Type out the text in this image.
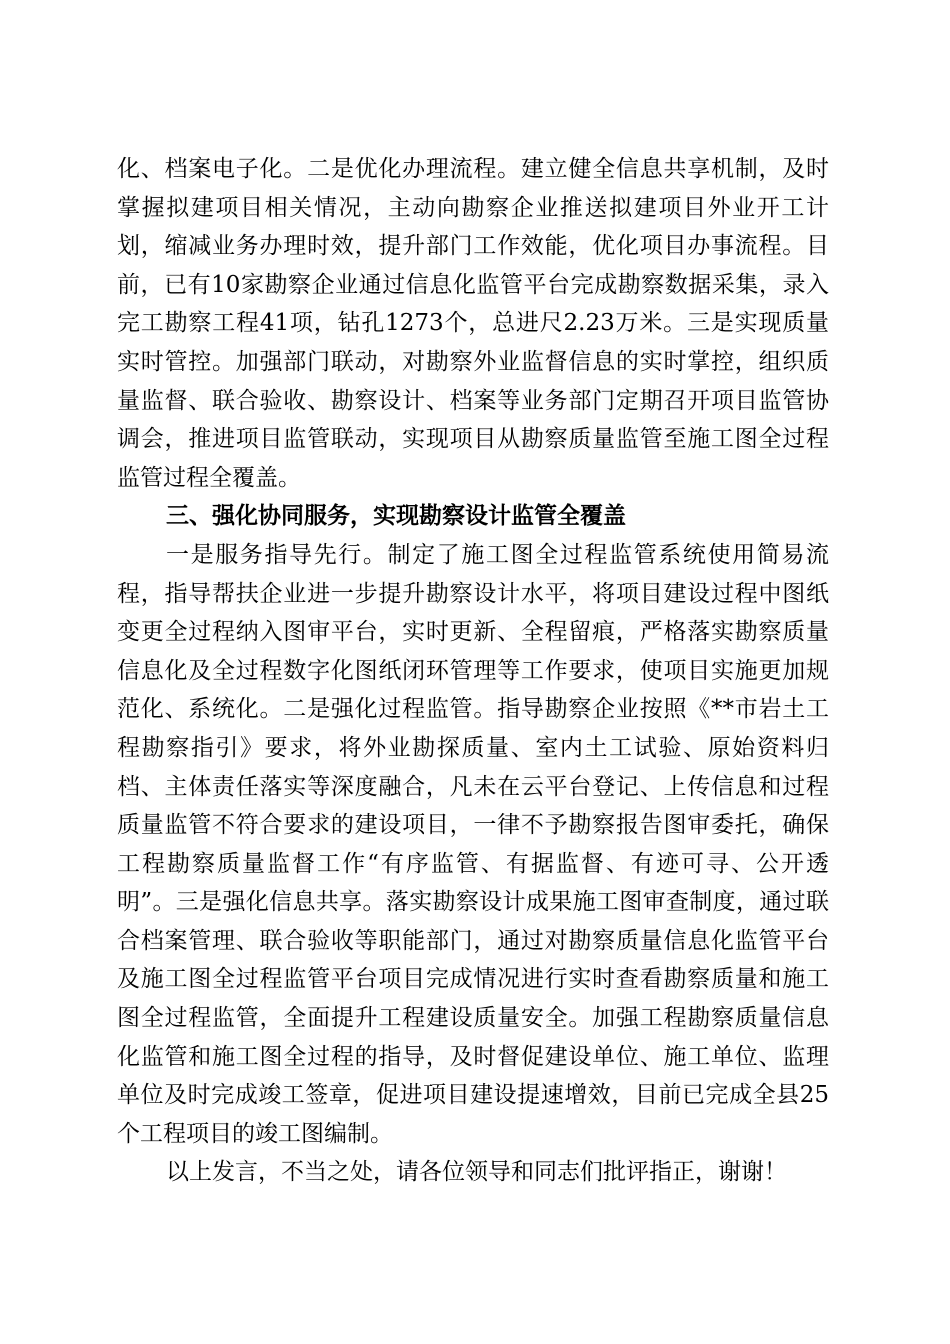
化、档案电子化。二是优化办理流程。建立健全信息共享机制，及时掌握拟建项目相关情况，主动向勘察企业推送拟建项目外业开工计划，缩减业务办理时效，提升部门工作效能，优化项目办事流程。目前，已有10家勘察企业通过信息化监管平台完成勘察数据采集，录入完工勘察工程41项，钻孔1273个，总进尺2.23万米。三是实现质量实时管控。加强部门联动，对勘察外业监督信息的实时掌控，组织质量监督、联合验收、勘察设计、档案等业务部门定期召开项目监管协调会，推进项目监管联动，实现项目从勘察质量监管至施工图全过程监管过程全覆盖。

三、强化协同服务，实现勘察设计监管全覆盖

一是服务指导先行。制定了施工图全过程监管系统使用简易流程，指导帮扶企业进一步提升勘察设计水平，将项目建设过程中图纸变更全过程纳入图审平台，实时更新、全程留痕，严格落实勘察质量信息化及全过程数字化图纸闭环管理等工作要求，使项目实施更加规范化、系统化。二是强化过程监管。指导勘察企业按照《**市岩土工程勘察指引》要求，将外业勘探质量、室内土工试验、原始资料归档、主体责任落实等深度融合，凡未在云平台登记、上传信息和过程质量监管不符合要求的建设项目，一律不予勘察报告图审委托，确保工程勘察质量监督工作“有序监管、有据监督、有迹可寻、公开透明”。三是强化信息共享。落实勘察设计成果施工图审查制度，通过联合档案管理、联合验收等职能部门，通过对勘察质量信息化监管平台及施工图全过程监管平台项目完成情况进行实时查看勘察质量和施工图全过程监管，全面提升工程建设质量安全。加强工程勘察质量信息化监管和施工图全过程的指导，及时督促建设单位、施工单位、监理单位及时完成竣工签章，促进项目建设提速增效，目前已完成全县25个工程项目的竣工图编制。

以上发言，不当之处，请各位领导和同志们批评指正，谢谢！
